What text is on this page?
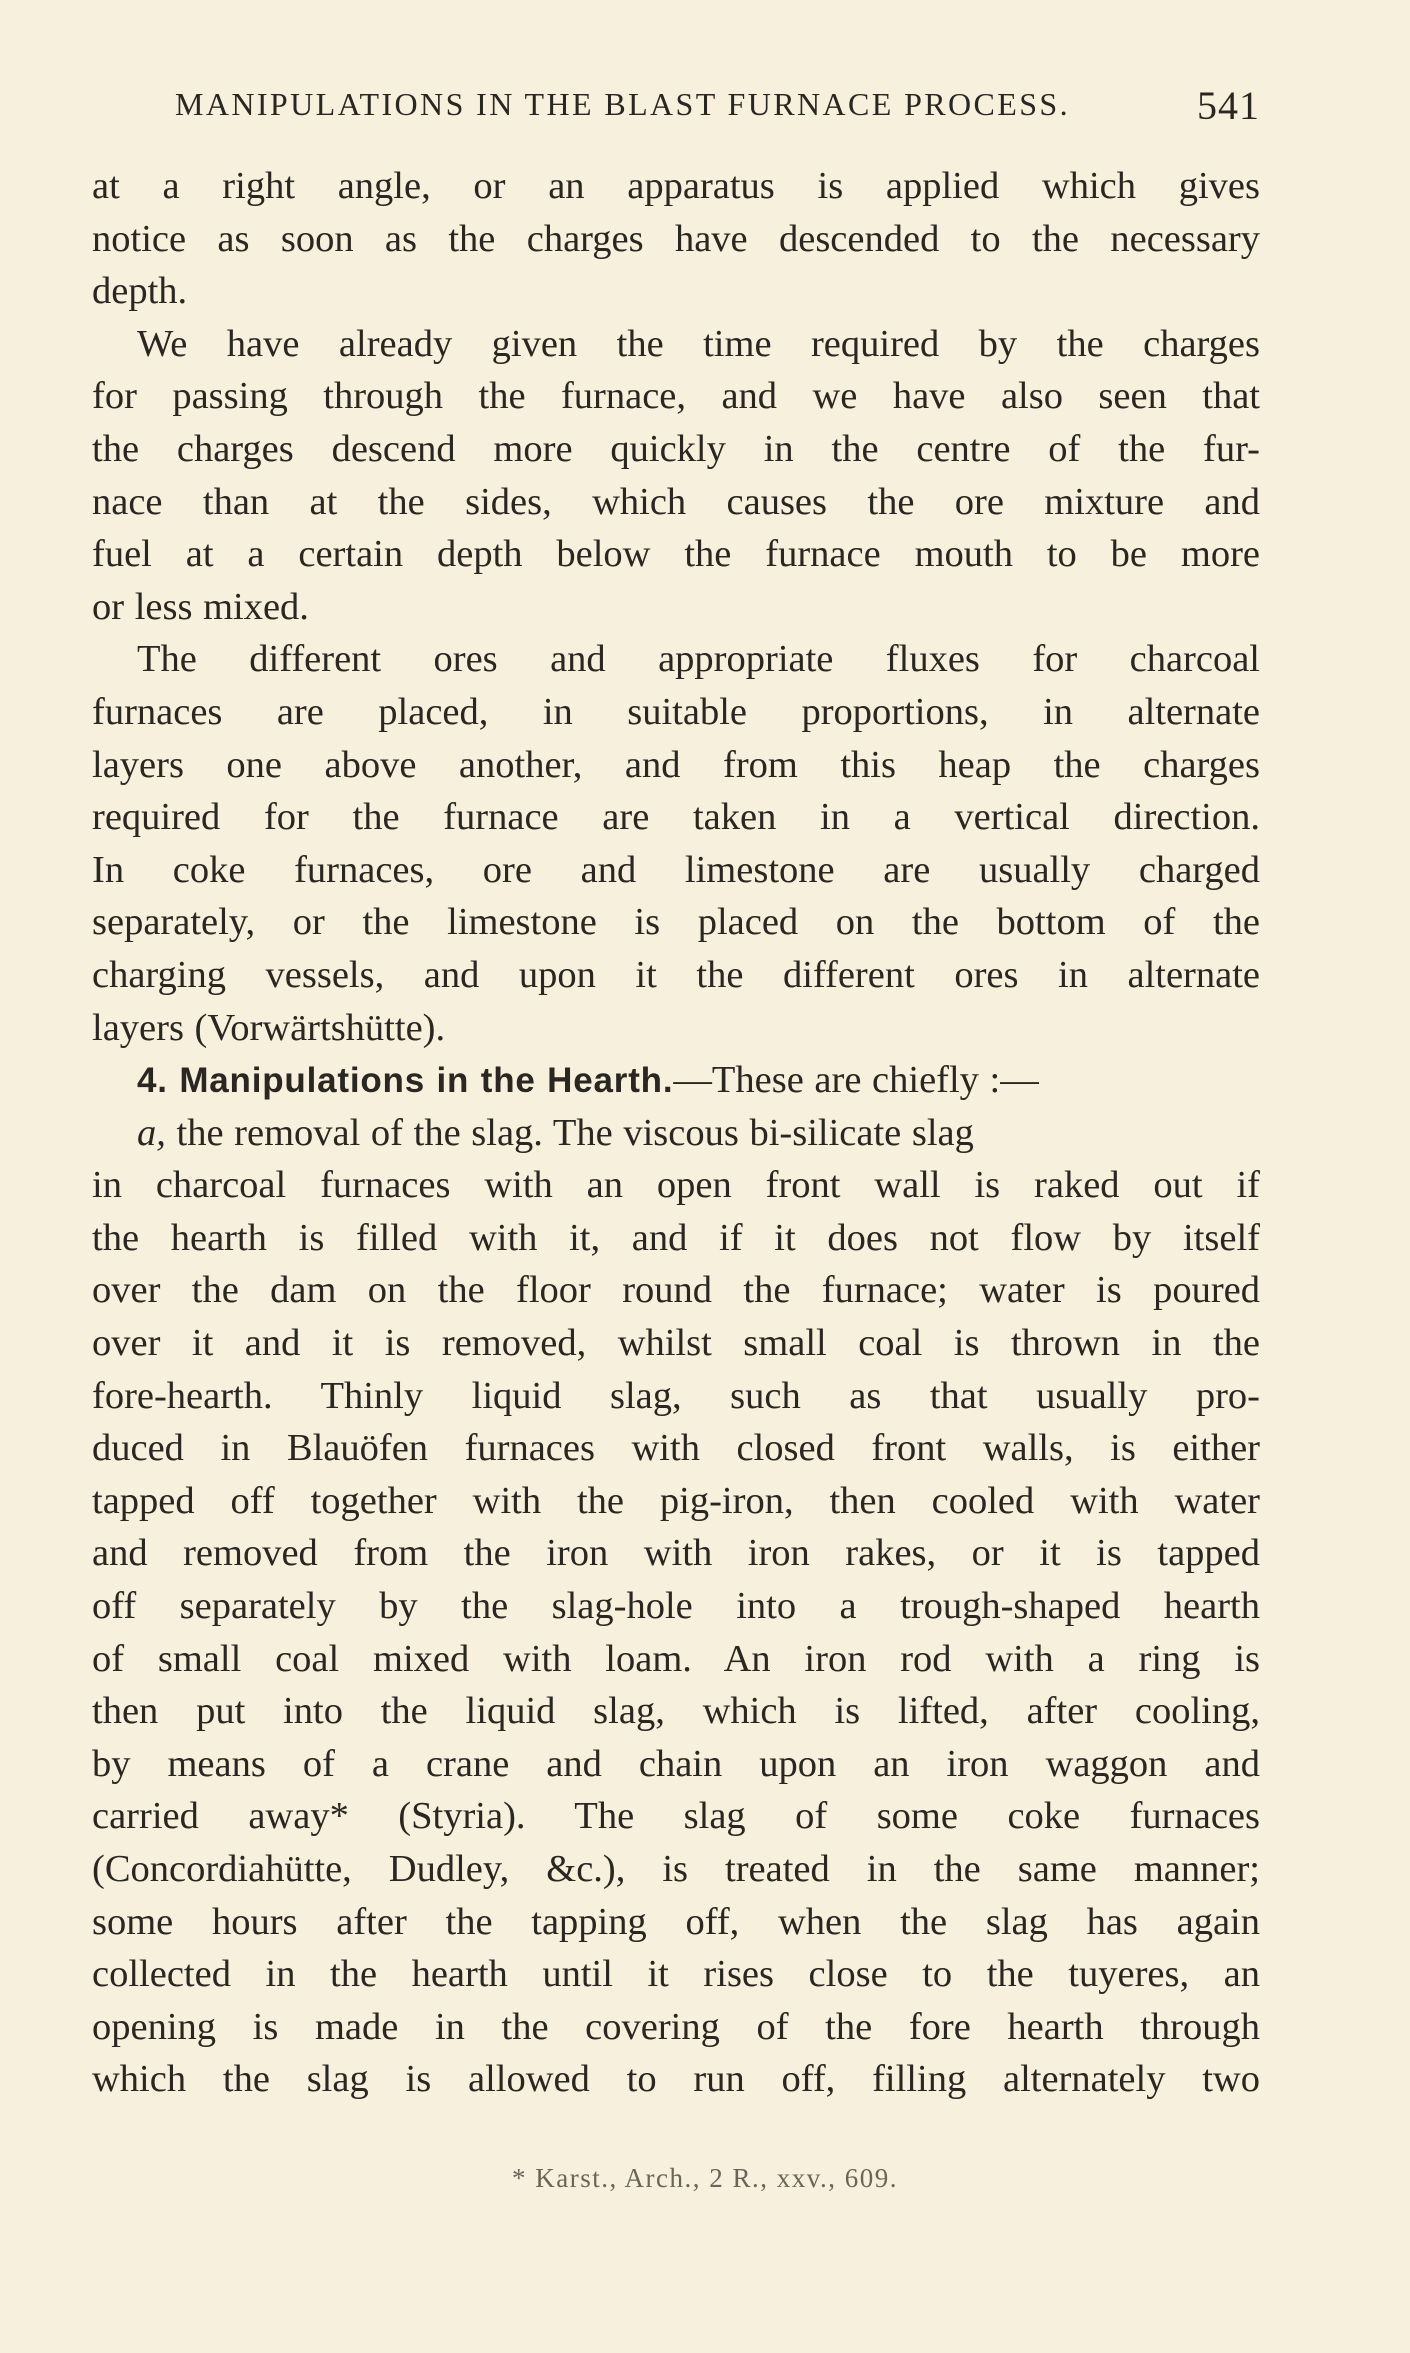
MANIPULATIONS IN THE BLAST FURNACE PROCESS.	541
at a right angle, or an apparatus is applied which gives
notice as soon as the charges have descended to the necessary
depth.
We have already given the time required by the charges
for passing through the furnace, and we have also seen that
the charges descend more quickly in the centre of the fur-
nace than at the sides, which causes the ore mixture and
fuel at a certain depth below the furnace mouth to be more
or less mixed.
The different ores and appropriate fluxes for charcoal
furnaces are placed, in suitable proportions, in alternate
layers one above another, and from this heap the charges
required for the furnace are taken in a vertical direction.
In coke furnaces, ore and limestone are usually charged
separately, or the limestone is placed on the bottom of the
charging vessels, and upon it the different ores in alternate
layers (Vorwärtshütte).
4. Manipulations in the Hearth.—These are chiefly :—
a, the removal of the slag. The viscous bi-silicate slag
in charcoal furnaces with an open front wall is raked out if
the hearth is filled with it, and if it does not flow by itself
over the dam on the floor round the furnace; water is poured
over it and it is removed, whilst small coal is thrown in the
fore-hearth. Thinly liquid slag, such as that usually pro-
duced in Blauöfen furnaces with closed front walls, is either
tapped off together with the pig-iron, then cooled with water
and removed from the iron with iron rakes, or it is tapped
off separately by the slag-hole into a trough-shaped hearth
of small coal mixed with loam. An iron rod with a ring is
then put into the liquid slag, which is lifted, after cooling,
by means of a crane and chain upon an iron waggon and
carried away* (Styria). The slag of some coke furnaces
(Concordiahütte, Dudley, &c.), is treated in the same manner;
some hours after the tapping off, when the slag has again
collected in the hearth until it rises close to the tuyeres, an
opening is made in the covering of the fore hearth through
which the slag is allowed to run off, filling alternately two
* Karst., Arch., 2 R., xxv., 609.
